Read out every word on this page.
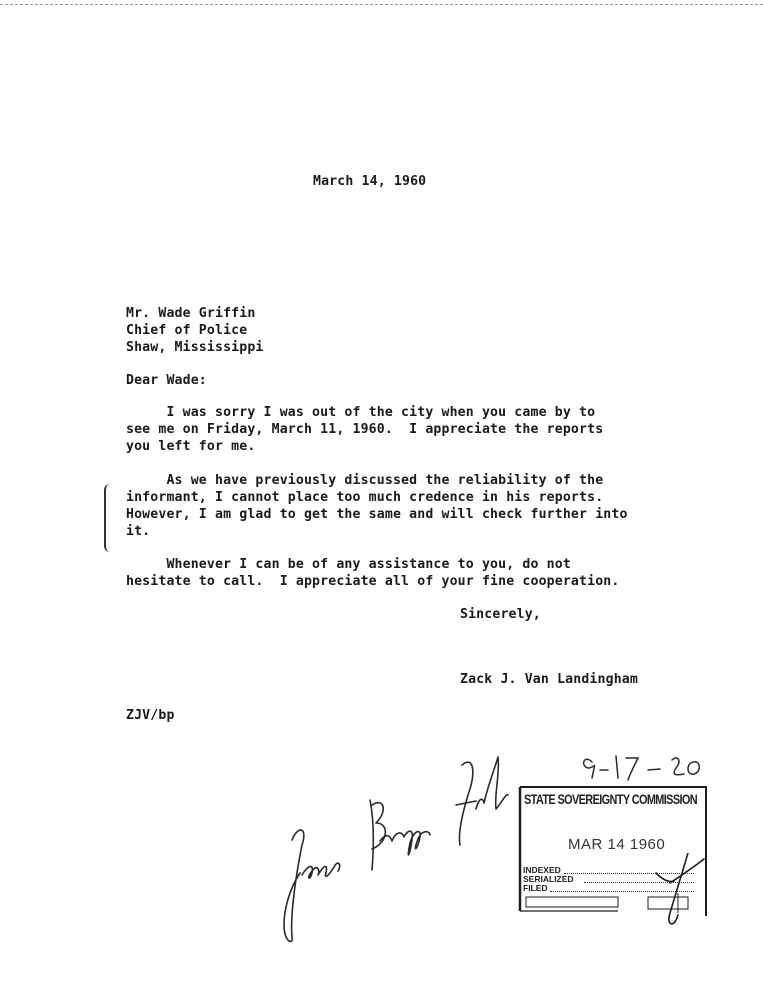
March 14, 1960
Mr. Wade Griffin
Chief of Police
Shaw, Mississippi
Dear Wade:
I was sorry I was out of the city when you came by to
see me on Friday, March 11, 1960.  I appreciate the reports
you left for me.
As we have previously discussed the reliability of the
informant, I cannot place too much credence in his reports.
However, I am glad to get the same and will check further into
it.
Whenever I can be of any assistance to you, do not
hesitate to call.  I appreciate all of your fine cooperation.
Sincerely,
Zack J. Van Landingham
ZJV/bp
STATE SOVEREIGNTY COMMISSION
MAR 14 1960
INDEXED
SERIALIZED
FILED
